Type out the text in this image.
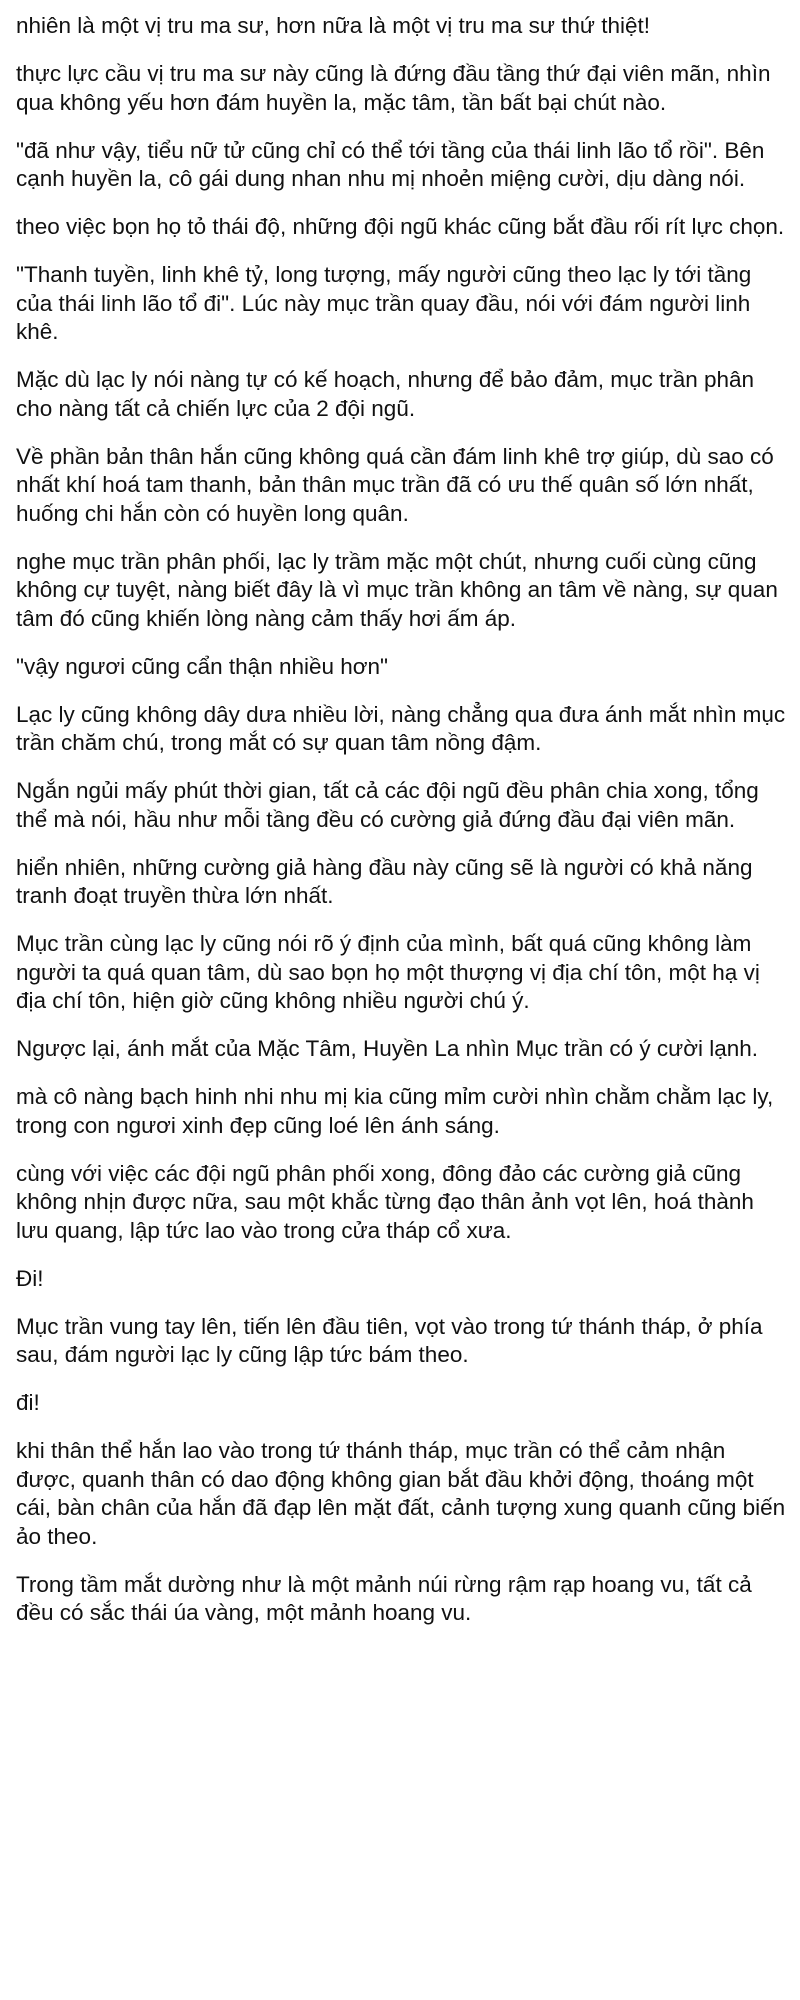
nhiên là một vị tru ma sư, hơn nữa là một vị tru ma sư thứ thiệt!

thực lực cầu vị tru ma sư này cũng là đứng đầu tầng thứ đại viên mãn, nhìn qua không yếu hơn đám huyền la, mặc tâm, tần bất bại chút nào.

"đã như vậy, tiểu nữ tử cũng chỉ có thể tới tầng của thái linh lão tổ rồi". Bên cạnh huyền la, cô gái dung nhan nhu mị nhoẻn miệng cười, dịu dàng nói.

theo việc bọn họ tỏ thái độ, những đội ngũ khác cũng bắt đầu rối rít lực chọn.

"Thanh tuyền, linh khê tỷ, long tượng, mấy người cũng theo lạc ly tới tầng của thái linh lão tổ đi". Lúc này mục trần quay đầu, nói với đám người linh khê.

Mặc dù lạc ly nói nàng tự có kế hoạch, nhưng để bảo đảm, mục trần phân cho nàng tất cả chiến lực của 2 đội ngũ.

Về phần bản thân hắn cũng không quá cần đám linh khê trợ giúp, dù sao có nhất khí hoá tam thanh, bản thân mục trần đã có ưu thế quân số lớn nhất, huống chi hắn còn có huyền long quân.

nghe mục trần phân phối, lạc ly trầm mặc một chút, nhưng cuối cùng cũng không cự tuyệt, nàng biết đây là vì mục trần không an tâm về nàng, sự quan tâm đó cũng khiến lòng nàng cảm thấy hơi ấm áp.

"vậy ngươi cũng cẩn thận nhiều hơn"

Lạc ly cũng không dây dưa nhiều lời, nàng chẳng qua đưa ánh mắt nhìn mục trần chăm chú, trong mắt có sự quan tâm nồng đậm.

Ngắn ngủi mấy phút thời gian, tất cả các đội ngũ đều phân chia xong, tổng thể mà nói, hầu như mỗi tầng đều có cường giả đứng đầu đại viên mãn.

hiển nhiên, những cường giả hàng đầu này cũng sẽ là người có khả năng tranh đoạt truyền thừa lớn nhất.

Mục trần cùng lạc ly cũng nói rõ ý định của mình, bất quá cũng không làm người ta quá quan tâm, dù sao bọn họ một thượng vị địa chí tôn, một hạ vị địa chí tôn, hiện giờ cũng không nhiều người chú ý.

Ngược lại, ánh mắt của Mặc Tâm, Huyền La nhìn Mục trần có ý cười lạnh.

mà cô nàng bạch hinh nhi nhu mị kia cũng mỉm cười nhìn chằm chằm lạc ly, trong con ngươi xinh đẹp cũng loé lên ánh sáng.

cùng với việc các đội ngũ phân phối xong, đông đảo các cường giả cũng không nhịn được nữa, sau một khắc từng đạo thân ảnh vọt lên, hoá thành lưu quang, lập tức lao vào trong cửa tháp cổ xưa.

Đi!

Mục trần vung tay lên, tiến lên đầu tiên, vọt vào trong tứ thánh tháp, ở phía sau, đám người lạc ly cũng lập tức bám theo.

đi!

khi thân thể hắn lao vào trong tứ thánh tháp, mục trần có thể cảm nhận được, quanh thân có dao động không gian bắt đầu khởi động, thoáng một cái, bàn chân của hắn đã đạp lên mặt đất, cảnh tượng xung quanh cũng biến ảo theo.

Trong tầm mắt dường như là một mảnh núi rừng rậm rạp hoang vu, tất cả đều có sắc thái úa vàng, một mảnh hoang vu.
